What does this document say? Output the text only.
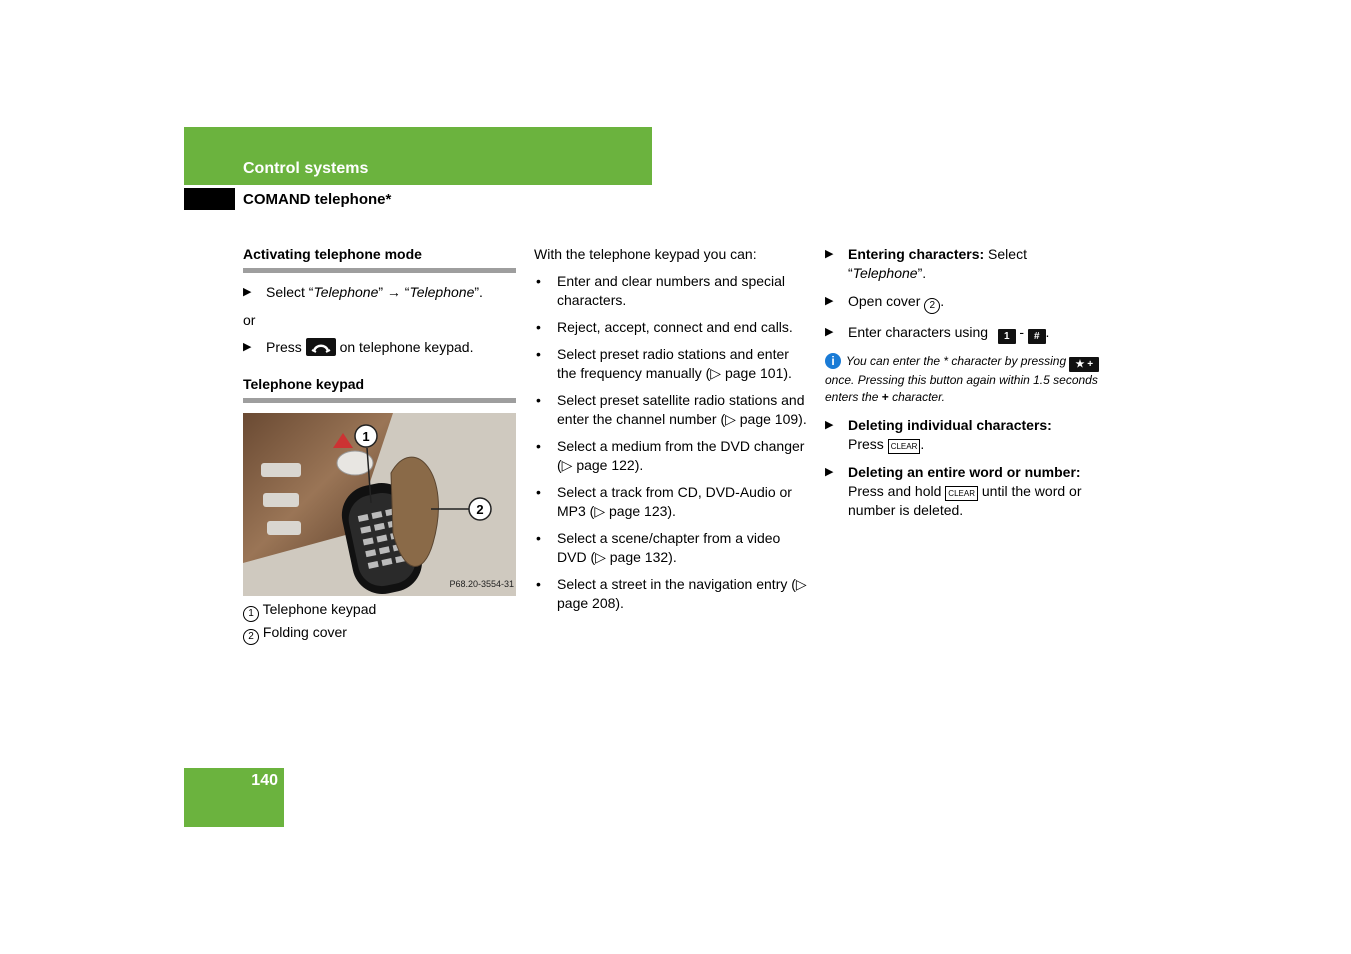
Control systems
COMAND telephone*
Activating telephone mode
▶ Select “Telephone” → “Telephone”.
or
▶ Press	on telephone keypad.
Telephone keypad
1
2
P68.20-3554-31
1 Telephone keypad
2 Folding cover
With the telephone keypad you can:
• Enter and clear numbers and special characters.
• Reject, accept, connect and end calls.
• Select preset radio stations and enter the frequency manually (▷ page 101).
• Select preset satellite radio stations and enter the channel number (▷ page 109).
• Select a medium from the DVD changer (▷ page 122).
• Select a track from CD, DVD-Audio or MP3 (▷ page 123).
• Select a scene/chapter from a video DVD (▷ page 132).
• Select a street in the navigation entry (▷ page 208).
▶ Entering characters: Select “Telephone”.
▶ Open cover 2 .
▶ Enter characters using 1 - # .
i You can enter the * character by pressing ★ + once. Pressing this button again within 1.5 seconds enters the + character.
▶ Deleting individual characters:
Press CLEAR .
▶ Deleting an entire word or number:
Press and hold CLEAR until the word or number is deleted.
140
